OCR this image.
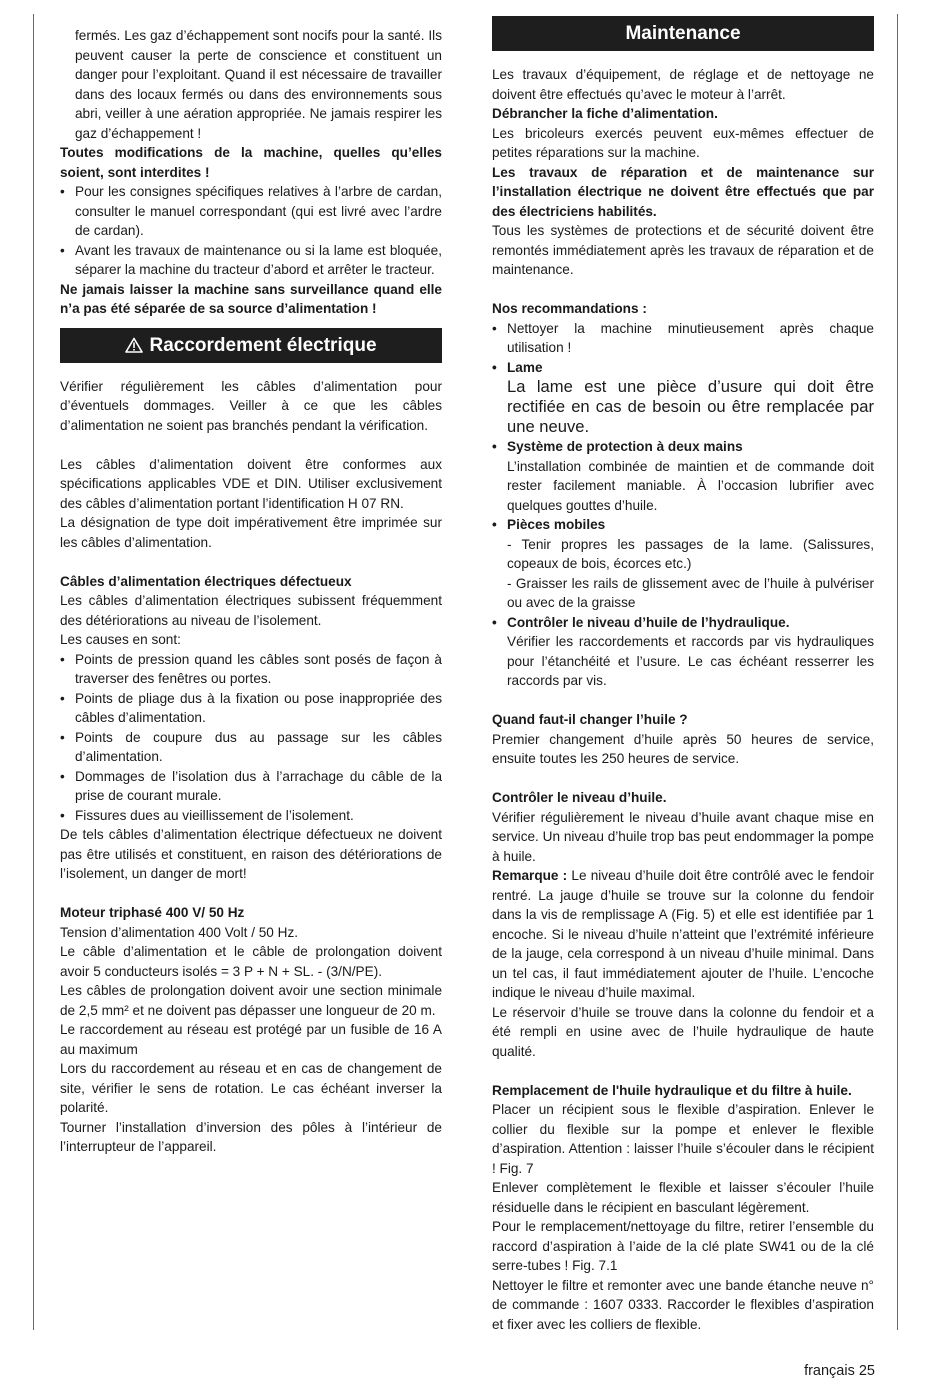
fermés. Les gaz d’échappement sont nocifs pour la santé. Ils peuvent causer la perte de conscience et constituent un danger pour l’exploitant. Quand il est nécessaire de travailler dans des locaux fermés ou dans des environnements sous abri, veiller à une aération appropriée. Ne jamais respirer les gaz d’échappement !

Toutes modifications de la machine, quelles qu’elles soient, sont interdites !

• Pour les consignes spécifiques relatives à l’arbre de cardan, consulter le manuel correspondant (qui est livré avec l’ardre de cardan).
• Avant les travaux de maintenance ou si la lame est bloquée, séparer la machine du tracteur d’abord et arrêter le tracteur.

Ne jamais laisser la machine sans surveillance quand elle n’a pas été séparée de sa source d’alimentation !

Raccordement électrique

Vérifier régulièrement les câbles d’alimentation pour d’éventuels dommages. Veiller à ce que les câbles d’alimentation ne soient pas branchés pendant la vérification.

Les câbles d’alimentation doivent être conformes aux spécifications applicables VDE et DIN. Utiliser exclusivement des câbles d’alimentation portant l’identification H 07 RN.

La désignation de type doit impérativement être imprimée sur les câbles d’alimentation.

Câbles d’alimentation électriques défectueux

Les câbles d’alimentation électriques subissent fréquemment des détériorations au niveau de l’isolement.

Les causes en sont:

• Points de pression quand les câbles sont posés de façon à traverser des fenêtres ou portes.
• Points de pliage dus à la fixation ou pose inappropriée des câbles d’alimentation.
• Points de coupure dus au passage sur les câbles d’alimentation.
• Dommages de l’isolation dus à l’arrachage du câble de la prise de courant murale.
• Fissures dues au vieillissement de l’isolement.

De tels câbles d’alimentation électrique défectueux ne doivent pas être utilisés et constituent, en raison des détériorations de l’isolement, un danger de mort!

Moteur triphasé 400 V/ 50 Hz

Tension d’alimentation 400 Volt / 50 Hz.

Le câble d’alimentation et le câble de prolongation doivent avoir 5 conducteurs isolés = 3 P + N + SL. - (3/N/PE).

Les câbles de prolongation doivent avoir une section minimale de 2,5 mm² et ne doivent pas dépasser une longueur de 20 m.

Le raccordement au réseau est protégé par un fusible de 16 A au maximum

Lors du raccordement au réseau et en cas de changement de site, vérifier le sens de rotation. Le cas échéant inverser la polarité.

Tourner l’installation d’inversion des pôles à l’intérieur de l’interrupteur de l’appareil.

Maintenance

Les travaux d’équipement, de réglage et de nettoyage ne doivent être effectués qu’avec le moteur à l’arrêt.

Débrancher la fiche d’alimentation.

Les bricoleurs exercés peuvent eux-mêmes effectuer de petites réparations sur la machine.

Les travaux de réparation et de maintenance sur l’installation électrique ne doivent être effectués que par des électriciens habilités.

Tous les systèmes de protections et de sécurité doivent être remontés immédiatement après les travaux de réparation et de maintenance.

Nos recommandations :

• Nettoyer la machine minutieusement après chaque utilisation !
• Lame

La lame est une pièce d’usure qui doit être rectifiée en cas de besoin ou être remplacée par une neuve.

• Système de protection à deux mains

L’installation combinée de maintien et de commande doit rester facilement maniable. À l’occasion lubrifier avec quelques gouttes d’huile.

• Pièces mobiles

- Tenir propres les passages de la lame. (Salissures, copeaux de bois, écorces etc.)

- Graisser les rails de glissement avec de l’huile à pulvériser ou avec de la graisse

• Contrôler le niveau d’huile de l’hydraulique.

Vérifier les raccordements et raccords par vis hydrauliques pour l’étanchéité et l’usure. Le cas échéant resserrer les raccords par vis.

Quand faut-il changer l’huile ?

Premier changement d’huile après 50 heures de service, ensuite toutes les 250 heures de service.

Contrôler le niveau d’huile.

Vérifier régulièrement le niveau d’huile avant chaque mise en service. Un niveau d’huile trop bas peut endommager la pompe à huile.

Remarque : Le niveau d’huile doit être contrôlé avec le fendoir rentré. La jauge d’huile se trouve sur la colonne du fendoir dans la vis de remplissage A (Fig. 5) et elle est identifiée par 1 encoche. Si le niveau d’huile n’atteint que l’extrémité inférieure de la jauge, cela correspond à un niveau d’huile minimal. Dans un tel cas, il faut immédiatement ajouter de l’huile. L’encoche indique le niveau d’huile maximal.

Le réservoir d’huile se trouve dans la colonne du fendoir et a été rempli en usine avec de l’huile hydraulique de haute qualité.

Remplacement de l'huile hydraulique et du filtre à huile.

Placer un récipient sous le flexible d’aspiration. Enlever le collier du flexible sur la pompe et enlever le flexible d’aspiration. Attention : laisser l’huile s’écouler dans le récipient ! Fig. 7

Enlever complètement le flexible et laisser s’écouler l’huile résiduelle dans le récipient en basculant légèrement.

Pour le remplacement/nettoyage du filtre, retirer l’ensemble du raccord d’aspiration à l’aide de la clé plate SW41 ou de la clé serre-tubes ! Fig. 7.1

Nettoyer le filtre et remonter avec une bande étanche neuve n° de commande : 1607 0333. Raccorder le flexibles d’aspiration et fixer avec les colliers de flexible.

français 25
